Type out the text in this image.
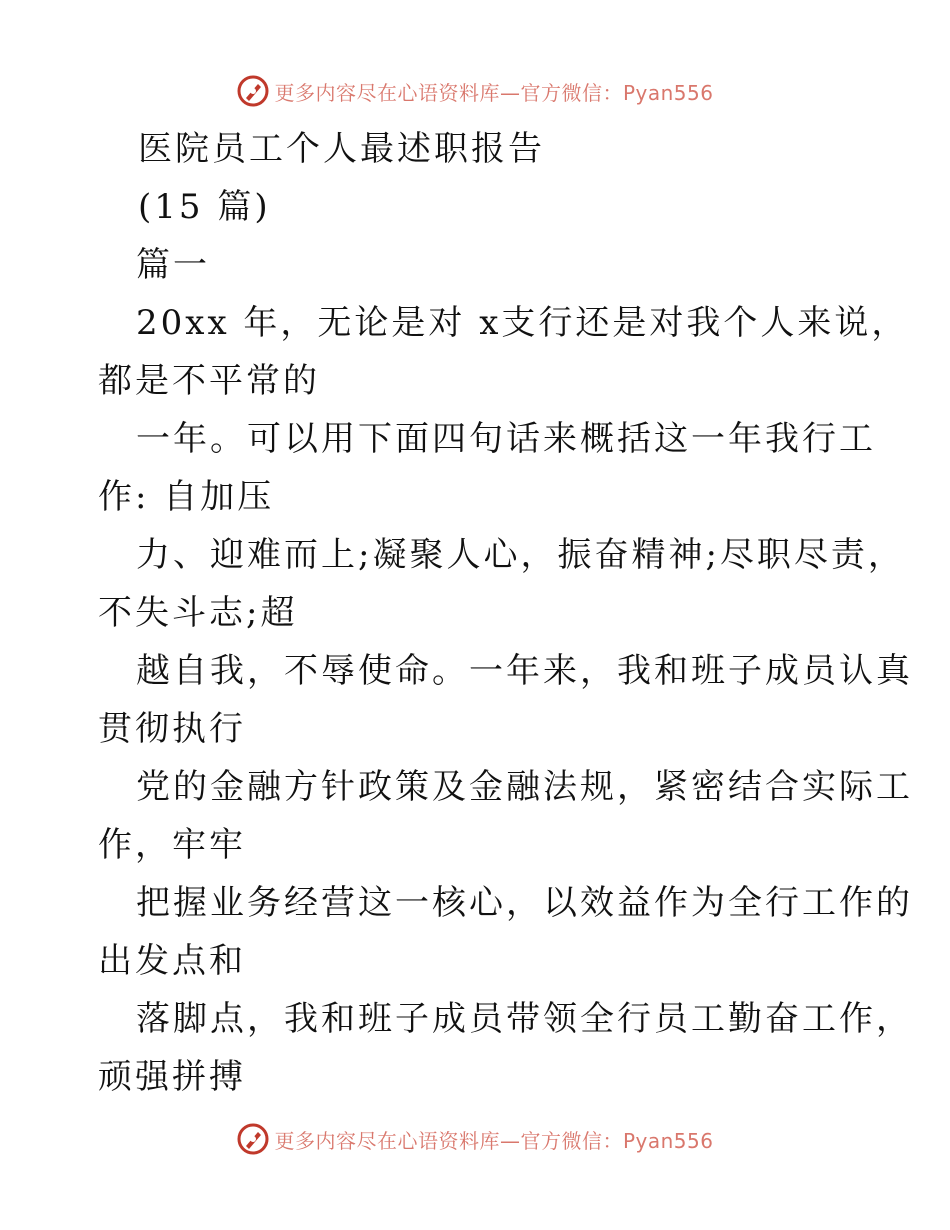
更多内容尽在心语资料库—官方微信：Pyan556
医院员工个人最述职报告
(15 篇)
篇一
20xx 年，无论是对 x支行还是对我个人来说，
都是不平常的
一年。可以用下面四句话来概括这一年我行工
作: 自加压
力、迎难而上;凝聚人心，振奋精神;尽职尽责，
不失斗志;超
越自我，不辱使命。一年来，我和班子成员认真
贯彻执行
党的金融方针政策及金融法规，紧密结合实际工
作，牢牢
把握业务经营这一核心，以效益作为全行工作的
出发点和
落脚点，我和班子成员带领全行员工勤奋工作，
顽强拼搏
更多内容尽在心语资料库—官方微信：Pyan556
